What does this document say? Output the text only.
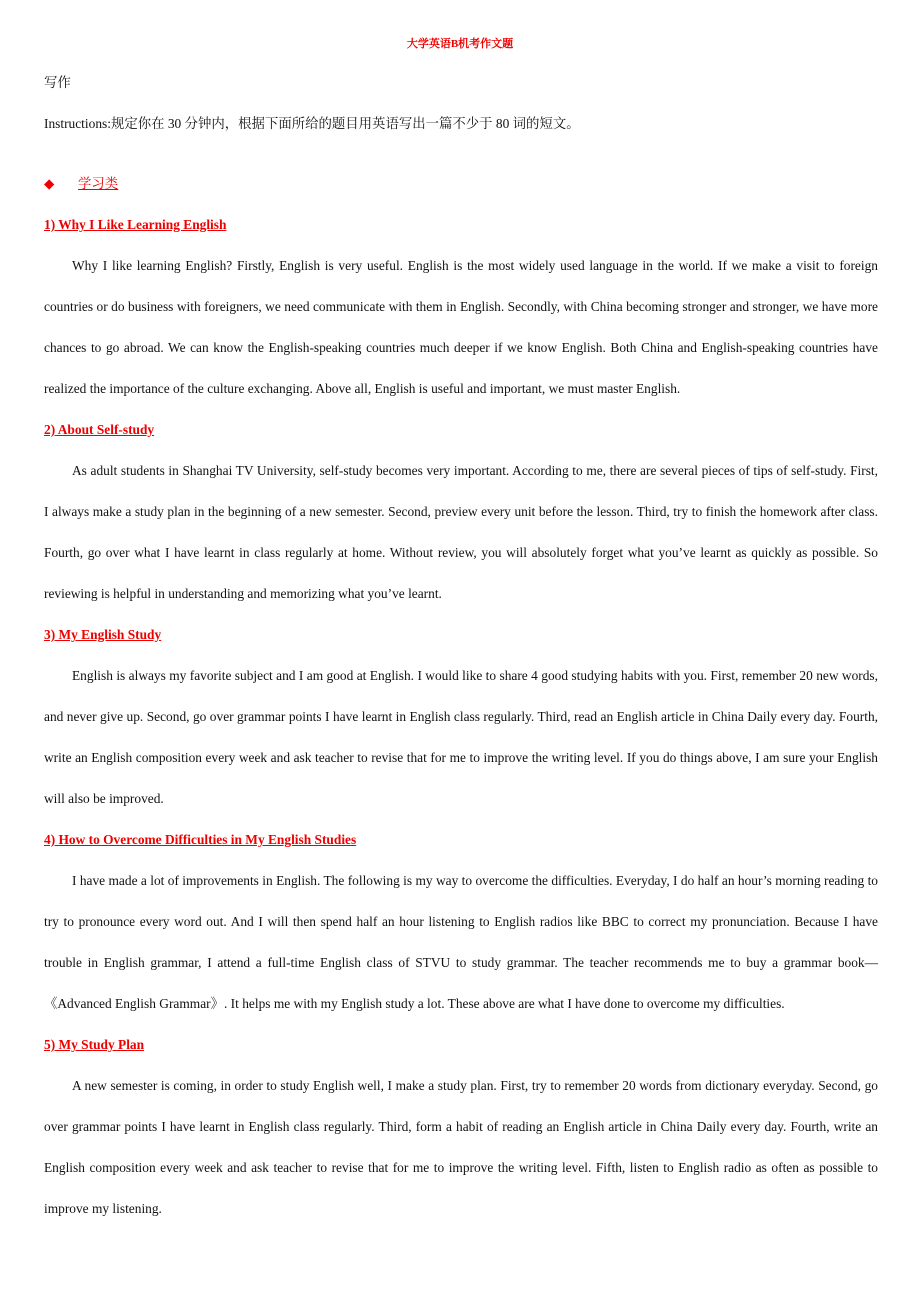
大学英语B机考作文题
写作
Instructions:规定你在 30 分钟内，根据下面所给的题目用英语写出一篇不少于 80 词的短文。
◆ 学习类
1) Why I Like Learning English

Why I like learning English? Firstly, English is very useful. English is the most widely used language in the world. If we make a visit to foreign countries or do business with foreigners, we need communicate with them in English. Secondly, with China becoming stronger and stronger, we have more chances to go abroad. We can know the English-speaking countries much deeper if we know English. Both China and English-speaking countries have realized the importance of the culture exchanging. Above all, English is useful and important, we must master English.

2) About Self-study

As adult students in Shanghai TV University, self-study becomes very important. According to me, there are several pieces of tips of self-study. First, I always make a study plan in the beginning of a new semester. Second, preview every unit before the lesson. Third, try to finish the homework after class. Fourth, go over what I have learnt in class regularly at home. Without review, you will absolutely forget what you’ve learnt as quickly as possible. So reviewing is helpful in understanding and memorizing what you’ve learnt.

3) My English Study

English is always my favorite subject and I am good at English. I would like to share 4 good studying habits with you. First, remember 20 new words, and never give up. Second, go over grammar points I have learnt in English class regularly. Third, read an English article in China Daily every day. Fourth, write an English composition every week and ask teacher to revise that for me to improve the writing level. If you do things above, I am sure your English will also be improved.

4) How to Overcome Difficulties in My English Studies

I have made a lot of improvements in English. The following is my way to overcome the difficulties. Everyday, I do half an hour’s morning reading to try to pronounce every word out. And I will then spend half an hour listening to English radios like BBC to correct my pronunciation. Because I have trouble in English grammar, I attend a full-time English class of STVU to study grammar. The teacher recommends me to buy a grammar book—《Advanced English Grammar》. It helps me with my English study a lot. These above are what I have done to overcome my difficulties.

5) My Study Plan

A new semester is coming, in order to study English well, I make a study plan. First, try to remember 20 words from dictionary everyday. Second, go over grammar points I have learnt in English class regularly. Third, form a habit of reading an English article in China Daily every day. Fourth, write an English composition every week and ask teacher to revise that for me to improve the writing level. Fifth, listen to English radio as often as possible to improve my listening.
